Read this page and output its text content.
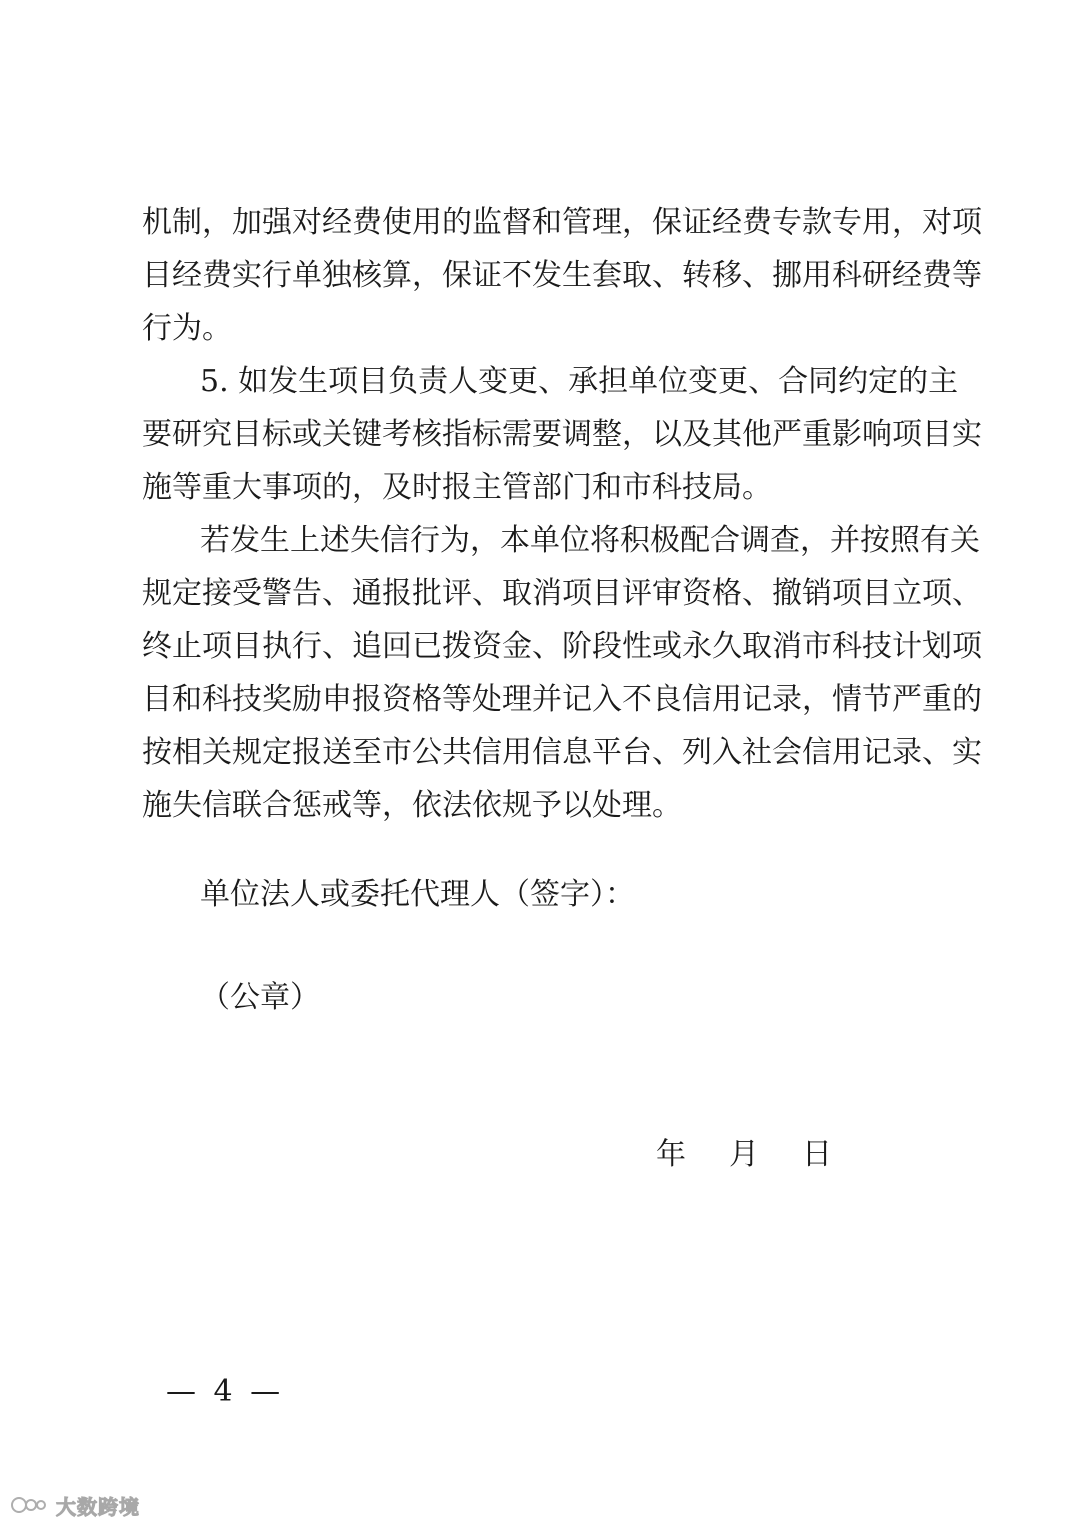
机制，加强对经费使用的监督和管理，保证经费专款专用，对项
目经费实行单独核算，保证不发生套取、转移、挪用科研经费等
行为。
5. 如发生项目负责人变更、承担单位变更、合同约定的主
要研究目标或关键考核指标需要调整，以及其他严重影响项目实
施等重大事项的，及时报主管部门和市科技局。
若发生上述失信行为，本单位将积极配合调查，并按照有关
规定接受警告、通报批评、取消项目评审资格、撤销项目立项、
终止项目执行、追回已拨资金、阶段性或永久取消市科技计划项
目和科技奖励申报资格等处理并记入不良信用记录，情节严重的
按相关规定报送至市公共信用信息平台、列入社会信用记录、实
施失信联合惩戒等，依法依规予以处理。
单位法人或委托代理人（签字）：
（公章）
年 月 日
— 4 —
大数跨境
